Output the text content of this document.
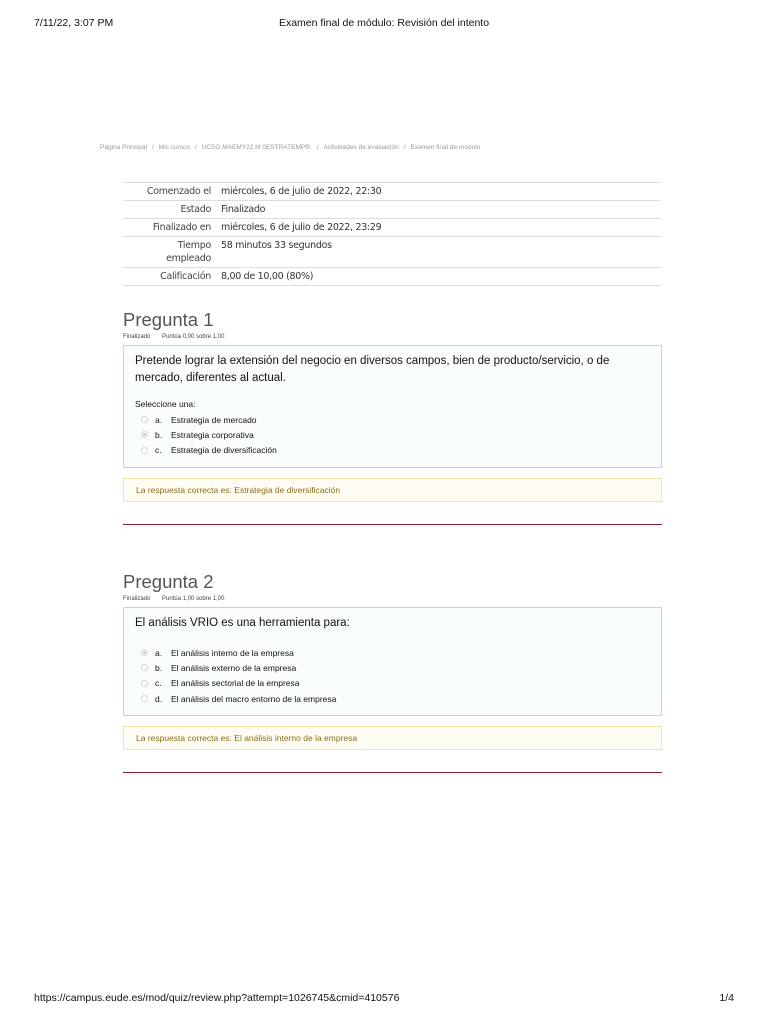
7/11/22, 3:07 PM	Examen final de módulo: Revisión del intento
Página Principal / Mis cursos / UCSG.MAEMY22.M.0ESTRATEMPR. / Actividades de evaluación / Examen final de módulo
Comenzado el	miércoles, 6 de julio de 2022, 22:30
Estado	Finalizado
Finalizado en	miércoles, 6 de julio de 2022, 23:29
Tiempo empleado	58 minutos 33 segundos
Calificación	8,00 de 10,00 (80%)
Pregunta 1
Finalizado Puntúa 0,00 sobre 1,00

Pretende lograr la extensión del negocio en diversos campos, bien de producto/servicio, o de mercado, diferentes al actual.

Seleccione una:
a.	Estrategia de mercado
b.	Estrategia corporativa
c.	Estrategia de diversificación
La respuesta correcta es: Estrategia de diversificación
Pregunta 2
Finalizado Puntúa 1,00 sobre 1,00

El análisis VRIO es una herramienta para:

a.	El análisis interno de la empresa
b.	El análisis externo de la empresa
c.	El análisis sectorial de la empresa
d.	El análisis del macro entorno de la empresa
La respuesta correcta es: El análisis interno de la empresa
https://campus.eude.es/mod/quiz/review.php?attempt=1026745&cmid=410576	1/4
